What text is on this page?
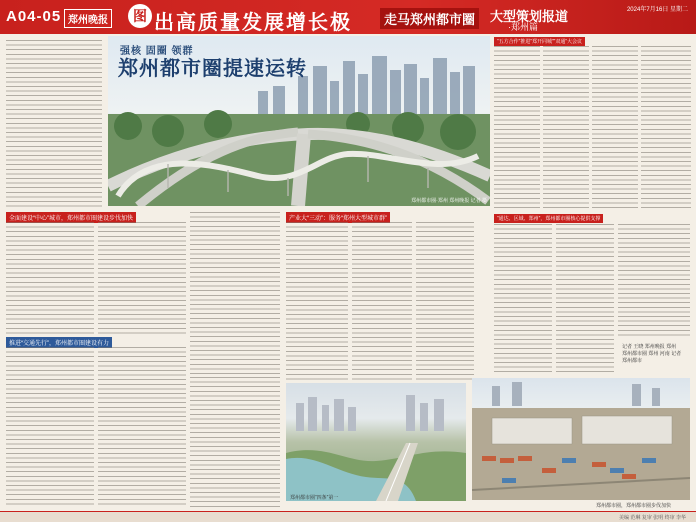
A04-05 郑州晚报	图 出高质量发展增长极	走马郑州都市圈	大型策划报道
·郑州篇
2024年7月16日 星期二
强核 固圈 领群
郑州都市圈提速运转
郑州都市圈·郑州 郑州晚报 记者 摄
“五方合作”推进“郑开同城”“双通”大会议
全面建设“中心”城市，郑州都市圈建设步伐加快
推进“交通先行”，郑州都市圈建设有力
产业大“三动”：服务“郑州大型城市群”	“通达、区域、郑州”，郑州都市圈核心提供支撑
记者 王晓 郑州晚报 郑州
郑州都市圈 郑州 河南 记者
郑州都市
郑州都市圈“四条”第一
郑州都市圈，郑州都市圈步伐加快
美编 范琳 复审 张明 终审 李华
